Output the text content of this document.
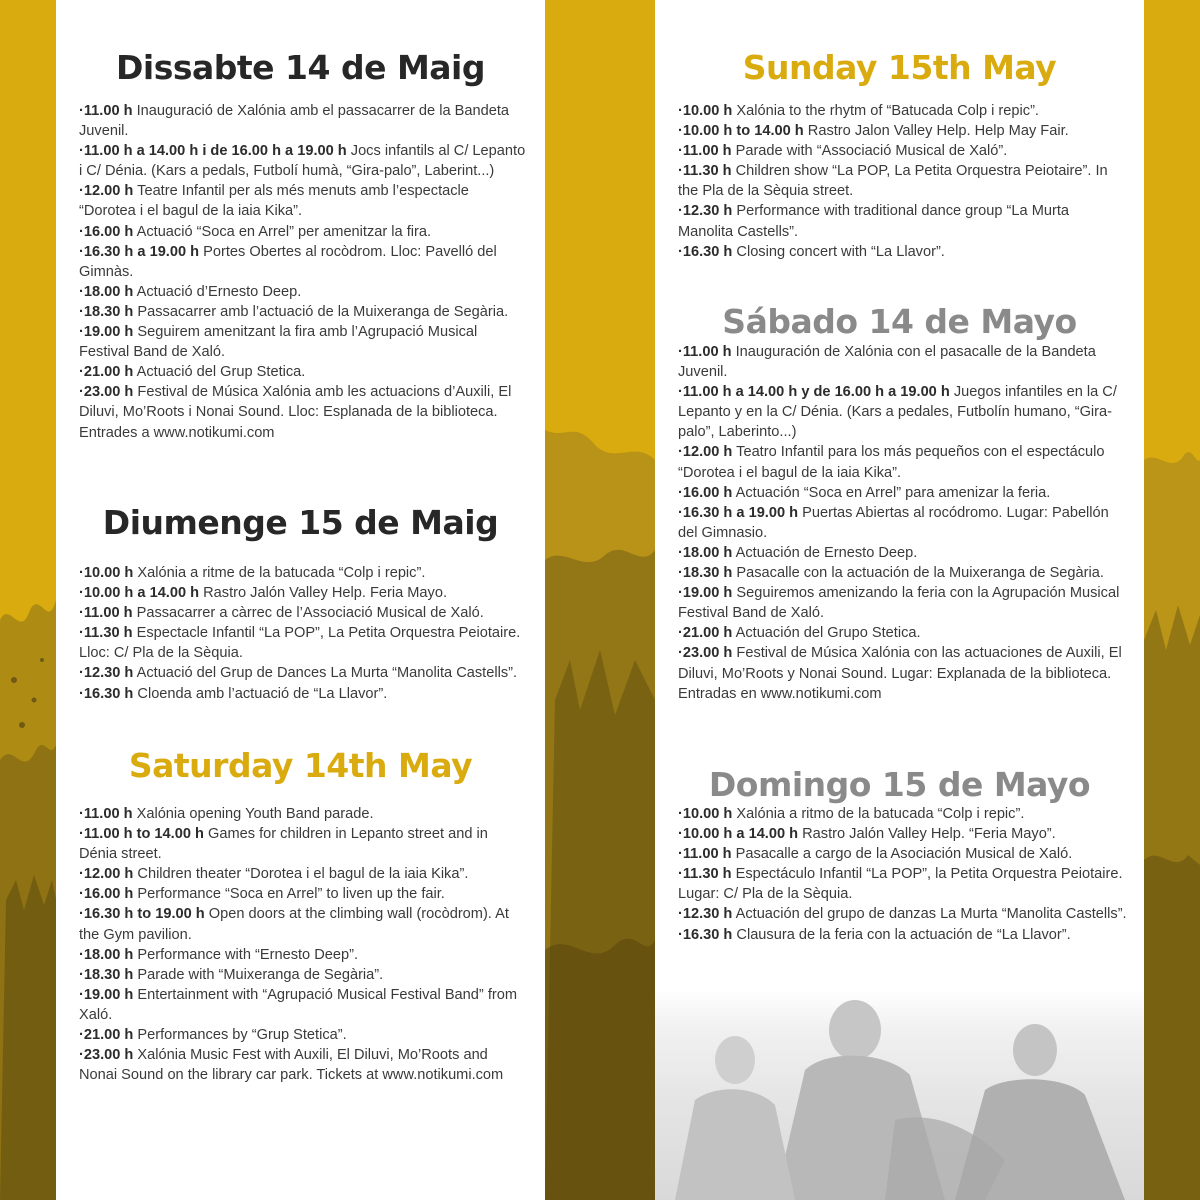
Dissabte 14 de Maig
·11.00 h Inauguració de Xalónia amb el passacarrer de la Bandeta Juvenil.
·11.00 h a 14.00 h i de 16.00 h a 19.00 h Jocs infantils al C/ Lepanto i C/ Dénia. (Kars a pedals, Futbolí humà, “Gira-palo”, Laberint...)
·12.00 h Teatre Infantil per als més menuts amb l’espectacle “Dorotea i el bagul de la iaia Kika”.
·16.00 h Actuació “Soca en Arrel” per amenitzar la fira.
·16.30 h a 19.00 h Portes Obertes al rocòdrom. Lloc: Pavelló del Gimnàs.
·18.00 h Actuació d’Ernesto Deep.
·18.30 h Passacarrer amb l’actuació de la Muixeranga de Segària.
·19.00 h Seguirem amenitzant la fira amb l’Agrupació Musical Festival Band de Xaló.
·21.00 h Actuació del Grup Stetica.
·23.00 h Festival de Música Xalónia amb les actuacions d’Auxili, El Diluvi, Mo’Roots i Nonai Sound. Lloc: Esplanada de la biblioteca. Entrades a www.notikumi.com
Diumenge 15 de Maig
·10.00 h Xalónia a ritme de la batucada “Colp i repic”.
·10.00 h a 14.00 h Rastro Jalón Valley Help. Feria Mayo.
·11.00 h Passacarrer a càrrec de l’Associació Musical de Xaló.
·11.30 h Espectacle Infantil “La POP”, La Petita Orquestra Peiotaire. Lloc: C/ Pla de la Sèquia.
·12.30 h Actuació del Grup de Dances La Murta “Manolita Castells”.
·16.30 h Cloenda amb l’actuació de “La Llavor”.
Saturday 14th May
·11.00 h Xalónia opening Youth Band parade.
·11.00 h to 14.00 h Games for children in Lepanto street and in Dénia street.
·12.00 h Children theater “Dorotea i el bagul de la iaia Kika”.
·16.00 h Performance “Soca en Arrel” to liven up the fair.
·16.30 h to 19.00 h Open doors at the climbing wall (rocòdrom). At the Gym pavilion.
·18.00 h Performance with “Ernesto Deep”.
·18.30 h Parade with “Muixeranga de Segària”.
·19.00 h Entertainment with “Agrupació Musical Festival Band” from Xaló.
·21.00 h Performances by “Grup Stetica”.
·23.00 h Xalónia Music Fest with Auxili, El Diluvi, Mo’Roots and Nonai Sound on the library car park. Tickets at www.notikumi.com
Sunday 15th May
·10.00 h Xalónia to the rhytm of “Batucada Colp i repic”.
·10.00 h to 14.00 h Rastro Jalon Valley Help. Help May Fair.
·11.00 h Parade with “Associació Musical de Xaló”.
·11.30 h Children show “La POP, La Petita Orquestra Peiotaire”. In the Pla de la Sèquia street.
·12.30 h Performance with traditional dance group “La Murta Manolita Castells”.
·16.30 h Closing concert with “La Llavor”.
Sábado 14 de Mayo
·11.00 h Inauguración de Xalónia con el pasacalle de la Bandeta Juvenil.
·11.00 h a 14.00 h y de 16.00 h a 19.00 h Juegos infantiles en la C/ Lepanto y en la C/ Dénia. (Kars a pedales, Futbolín humano, “Gira-palo”, Laberinto...)
·12.00 h Teatro Infantil para los más pequeños con el espectáculo “Dorotea i el bagul de la iaia Kika”.
·16.00 h Actuación “Soca en Arrel” para amenizar la feria.
·16.30 h a 19.00 h Puertas Abiertas al rocódromo. Lugar: Pabellón del Gimnasio.
·18.00 h Actuación de Ernesto Deep.
·18.30 h Pasacalle con la actuación de la Muixeranga de Segària.
·19.00 h Seguiremos amenizando la feria con la Agrupación Musical Festival Band de Xaló.
·21.00 h Actuación del Grupo Stetica.
·23.00 h Festival de Música Xalónia con las actuaciones de Auxili, El Diluvi, Mo’Roots y Nonai Sound. Lugar: Explanada de la biblioteca. Entradas en www.notikumi.com
Domingo 15 de Mayo
·10.00 h Xalónia a ritmo de la batucada “Colp i repic”.
·10.00 h a 14.00 h Rastro Jalón Valley Help. “Feria Mayo”.
·11.00 h Pasacalle a cargo de la Asociación Musical de Xaló.
·11.30 h Espectáculo Infantil “La POP”, la Petita Orquestra Peiotaire. Lugar: C/ Pla de la Sèquia.
·12.30 h Actuación del grupo de danzas La Murta “Manolita Castells”.
·16.30 h Clausura de la feria con la actuación de “La Llavor”.
